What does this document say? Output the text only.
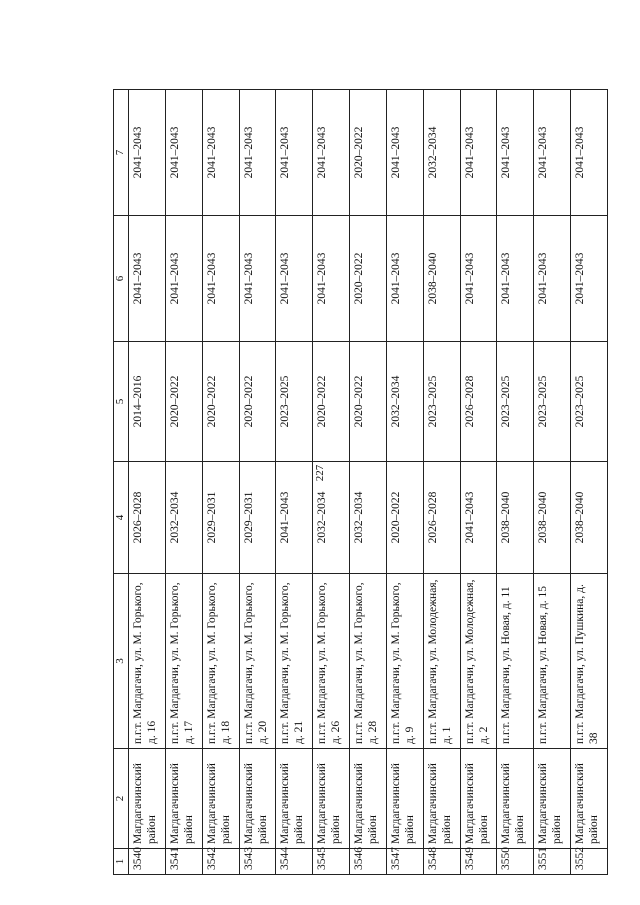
227
1	2	3	4	5	6	7
3540	Магдагачинский район	п.г.т. Магдагачи, ул. М. Горького, д. 16	2026–2028	2014–2016	2041–2043	2041–2043
3541	Магдагачинский район	п.г.т. Магдагачи, ул. М. Горького, д. 17	2032–2034	2020–2022	2041–2043	2041–2043
3542	Магдагачинский район	п.г.т. Магдагачи, ул. М. Горького, д. 18	2029–2031	2020–2022	2041–2043	2041–2043
3543	Магдагачинский район	п.г.т. Магдагачи, ул. М. Горького, д. 20	2029–2031	2020–2022	2041–2043	2041–2043
3544	Магдагачинский район	п.г.т. Магдагачи, ул. М. Горького, д. 21	2041–2043	2023–2025	2041–2043	2041–2043
3545	Магдагачинский район	п.г.т. Магдагачи, ул. М. Горького, д. 26	2032–2034	2020–2022	2041–2043	2041–2043
3546	Магдагачинский район	п.г.т. Магдагачи, ул. М. Горького, д. 28	2032–2034	2020–2022	2020–2022	2020–2022
3547	Магдагачинский район	п.г.т. Магдагачи, ул. М. Горького, д. 9	2020–2022	2032–2034	2041–2043	2041–2043
3548	Магдагачинский район	п.г.т. Магдагачи, ул. Молодежная, д. 1	2026–2028	2023–2025	2038–2040	2032–2034
3549	Магдагачинский район	п.г.т. Магдагачи, ул. Молодежная, д. 2	2041–2043	2026–2028	2041–2043	2041–2043
3550	Магдагачинский район	п.г.т. Магдагачи, ул. Новая, д. 11	2038–2040	2023–2025	2041–2043	2041–2043
3551	Магдагачинский район	п.г.т. Магдагачи, ул. Новая, д. 15	2038–2040	2023–2025	2041–2043	2041–2043
3552	Магдагачинский район	п.г.т. Магдагачи, ул. Пушкина, д. 38	2038–2040	2023–2025	2041–2043	2041–2043
